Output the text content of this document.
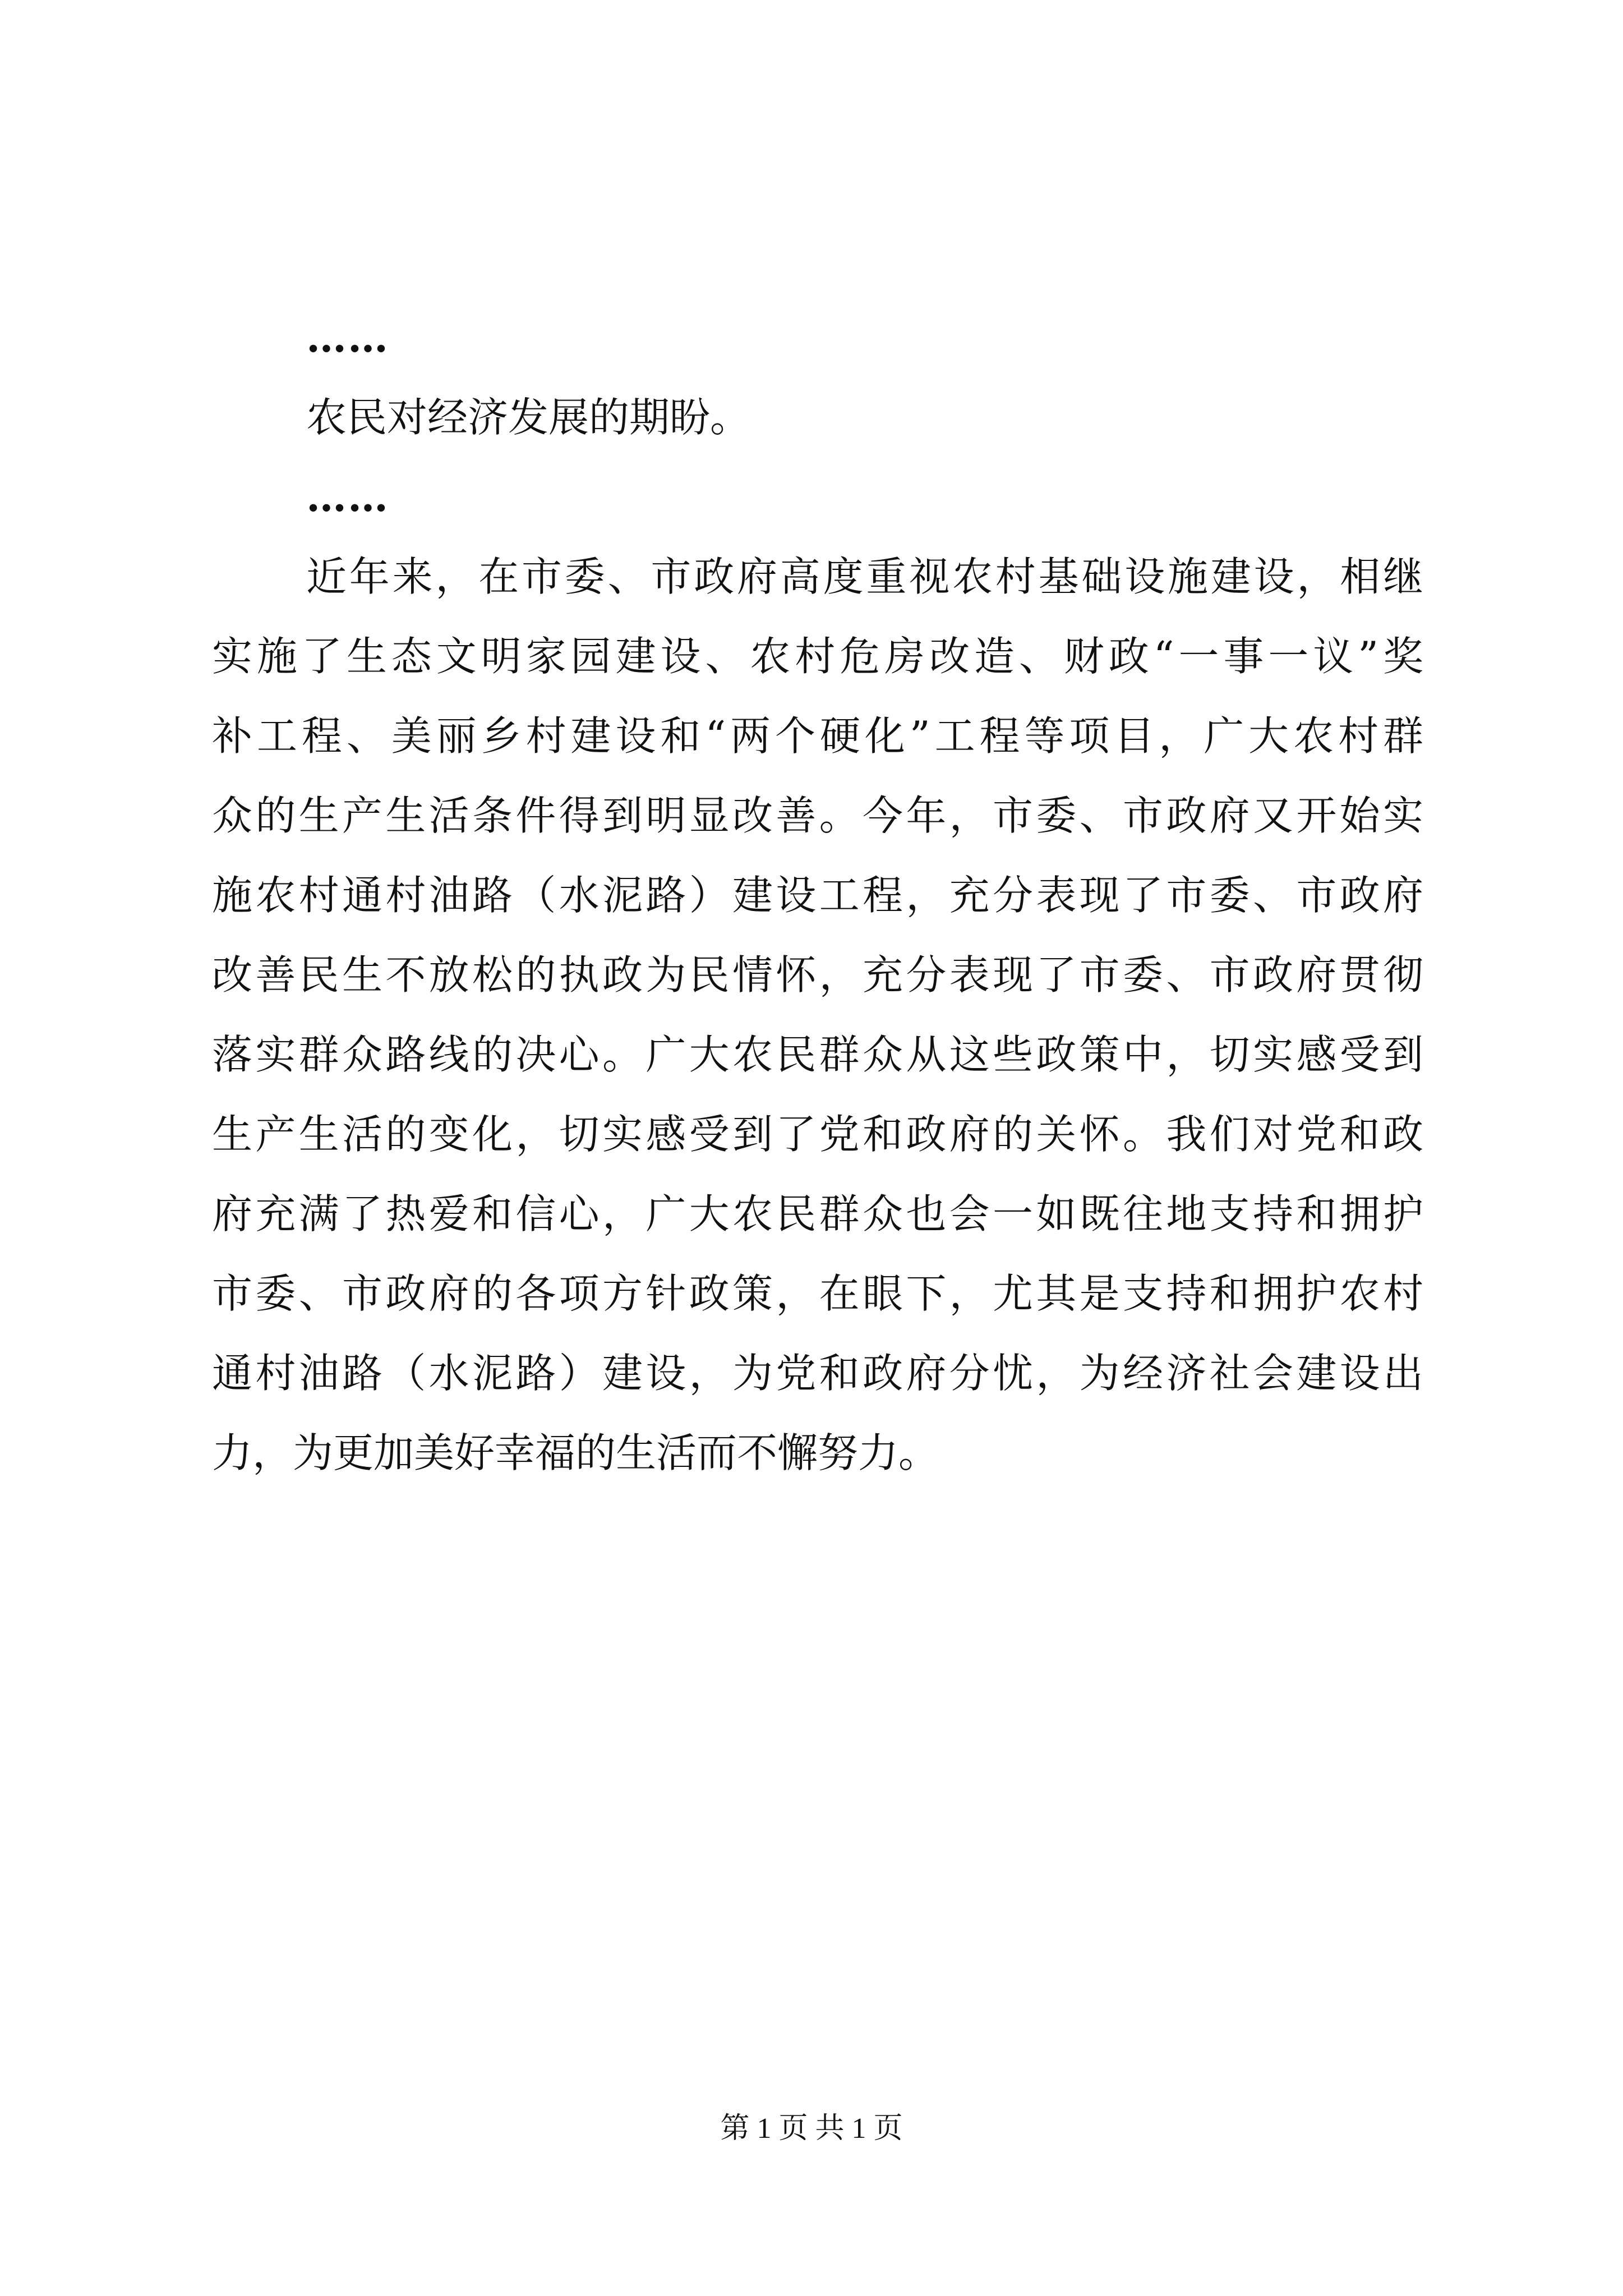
……
农民对经济发展的期盼。
……
近年来，在市委、市政府高度重视农村基础设施建设，相继
实施了生态文明家园建设、农村危房改造、财政“一事一议”奖
补工程、美丽乡村建设和“两个硬化”工程等项目，广大农村群
众的生产生活条件得到明显改善。今年，市委、市政府又开始实
施农村通村油路（水泥路）建设工程，充分表现了市委、市政府
改善民生不放松的执政为民情怀，充分表现了市委、市政府贯彻
落实群众路线的决心。广大农民群众从这些政策中，切实感受到
生产生活的变化，切实感受到了党和政府的关怀。我们对党和政
府充满了热爱和信心，广大农民群众也会一如既往地支持和拥护
市委、市政府的各项方针政策，在眼下，尤其是支持和拥护农村
通村油路（水泥路）建设，为党和政府分忧，为经济社会建设出
力，为更加美好幸福的生活而不懈努力。
第 1 页 共 1 页
